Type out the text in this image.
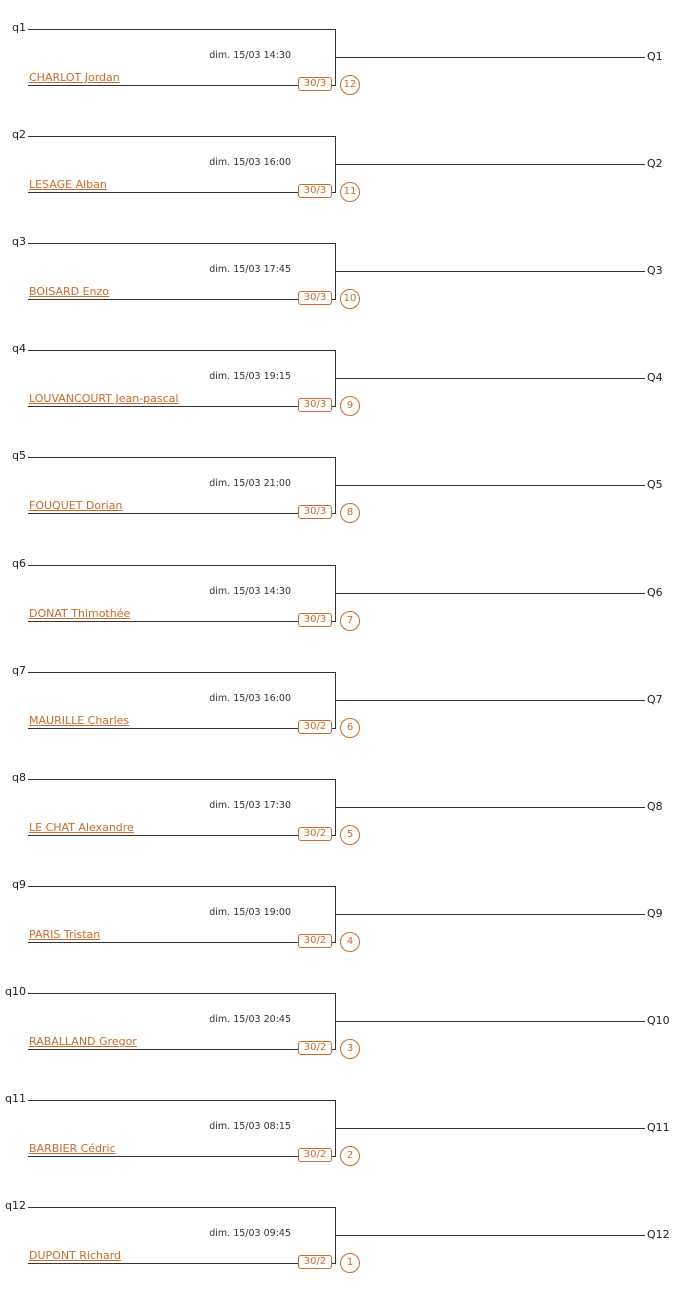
q1
dim. 15/03 14:30
CHARLOT Jordan	30/3	12
Q1
q2
dim. 15/03 16:00
LESAGE Alban	30/3	11
Q2
q3
dim. 15/03 17:45
BOISARD Enzo	30/3	10
Q3
q4
dim. 15/03 19:15
LOUVANCOURT Jean-pascal	30/3	9
Q4
q5
dim. 15/03 21:00
FOUQUET Dorian	30/3	8
Q5
q6
dim. 15/03 14:30
DONAT Thimothée	30/3	7
Q6
q7
dim. 15/03 16:00
MAURILLE Charles	30/2	6
Q7
q8
dim. 15/03 17:30
LE CHAT Alexandre	30/2	5
Q8
q9
dim. 15/03 19:00
PARIS Tristan	30/2	4
Q9
q10
dim. 15/03 20:45
RABALLAND Gregor	30/2	3
Q10
q11
dim. 15/03 08:15
BARBIER Cédric	30/2	2
Q11
q12
dim. 15/03 09:45
DUPONT Richard	30/2	1
Q12
